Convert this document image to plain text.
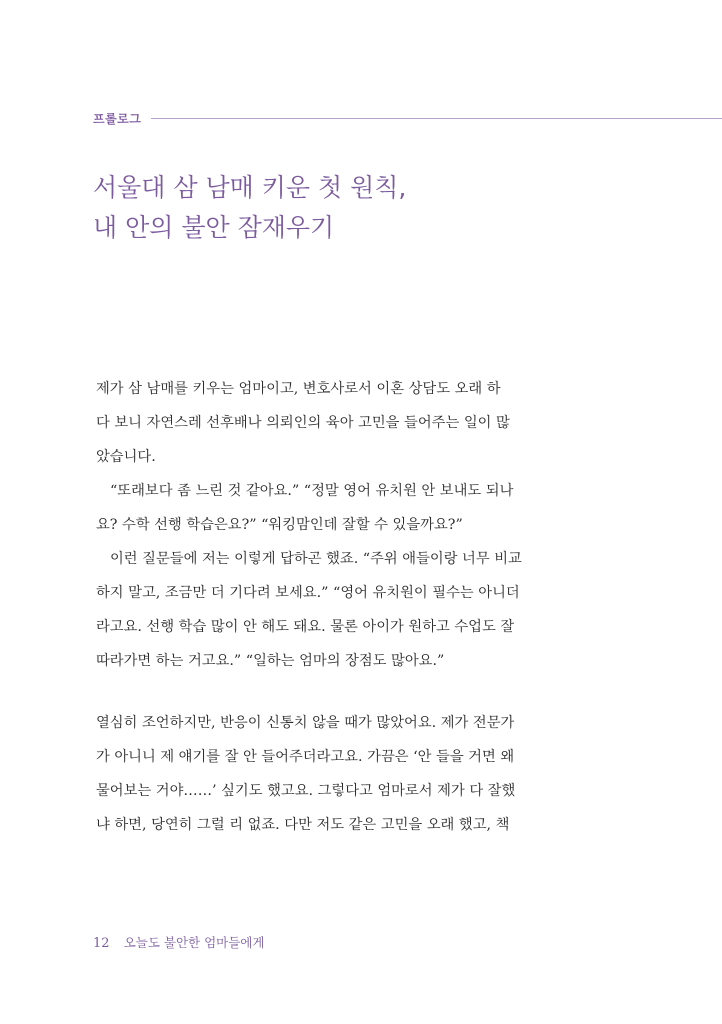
프롤로그
서울대 삼 남매 키운 첫 원칙,
내 안의 불안 잠재우기
제가 삼 남매를 키우는 엄마이고, 변호사로서 이혼 상담도 오래 하
다 보니 자연스레 선후배나 의뢰인의 육아 고민을 들어주는 일이 많
았습니다.
“또래보다 좀 느린 것 같아요.” “정말 영어 유치원 안 보내도 되나
요? 수학 선행 학습은요?” “워킹맘인데 잘할 수 있을까요?”
이런 질문들에 저는 이렇게 답하곤 했죠. “주위 애들이랑 너무 비교
하지 말고, 조금만 더 기다려 보세요.” “영어 유치원이 필수는 아니더
라고요. 선행 학습 많이 안 해도 돼요. 물론 아이가 원하고 수업도 잘
따라가면 하는 거고요.” “일하는 엄마의 장점도 많아요.”
열심히 조언하지만, 반응이 신통치 않을 때가 많았어요. 제가 전문가
가 아니니 제 얘기를 잘 안 들어주더라고요. 가끔은 ‘안 들을 거면 왜
물어보는 거야……’ 싶기도 했고요. 그렇다고 엄마로서 제가 다 잘했
냐 하면, 당연히 그럴 리 없죠. 다만 저도 같은 고민을 오래 했고, 책
12 오늘도 불안한 엄마들에게
